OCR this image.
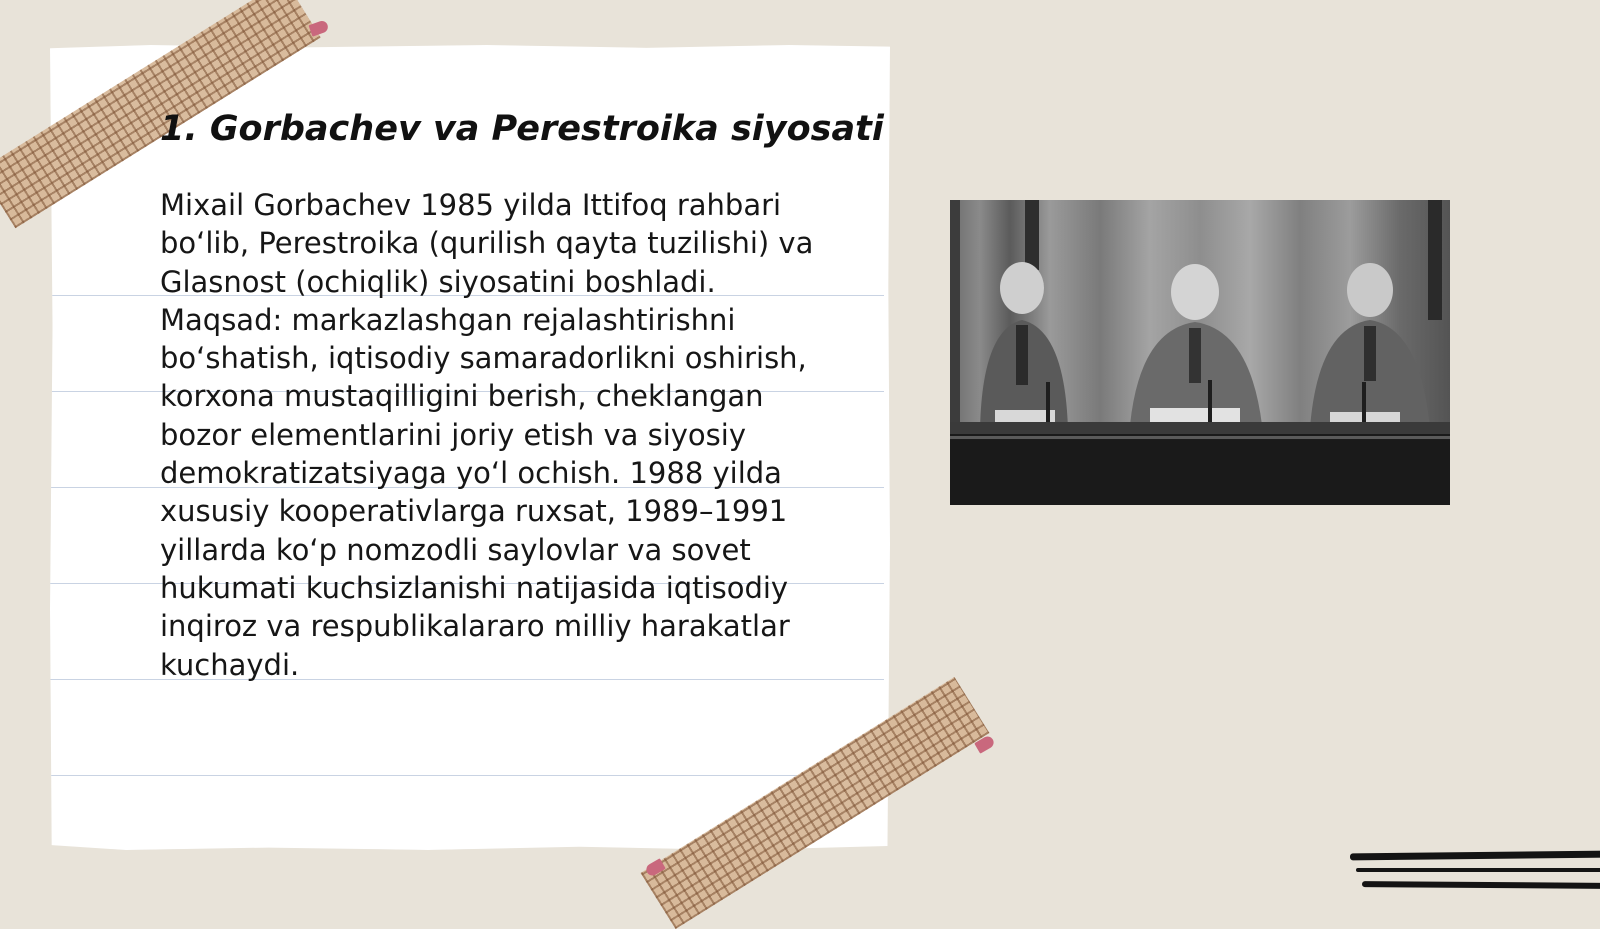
1. Gorbachev va Perestroika siyosati

Mixail Gorbachev 1985 yilda Ittifoq rahbari
bo‘lib, Perestroika (qurilish qayta tuzilishi) va
Glasnost (ochiqlik) siyosatini boshladi.
Maqsad: markazlashgan rejalashtirishni
bo‘shatish, iqtisodiy samaradorlikni oshirish,
korxona mustaqilligini berish, cheklangan
bozor elementlarini joriy etish va siyosiy
demokratizatsiyaga yo‘l ochish. 1988 yilda
xususiy kooperativlarga ruxsat, 1989–1991
yillarda ko‘p nomzodli saylovlar va sovet
hukumati kuchsizlanishi natijasida iqtisodiy
inqiroz va respublikalararo milliy harakatlar
kuchaydi.
